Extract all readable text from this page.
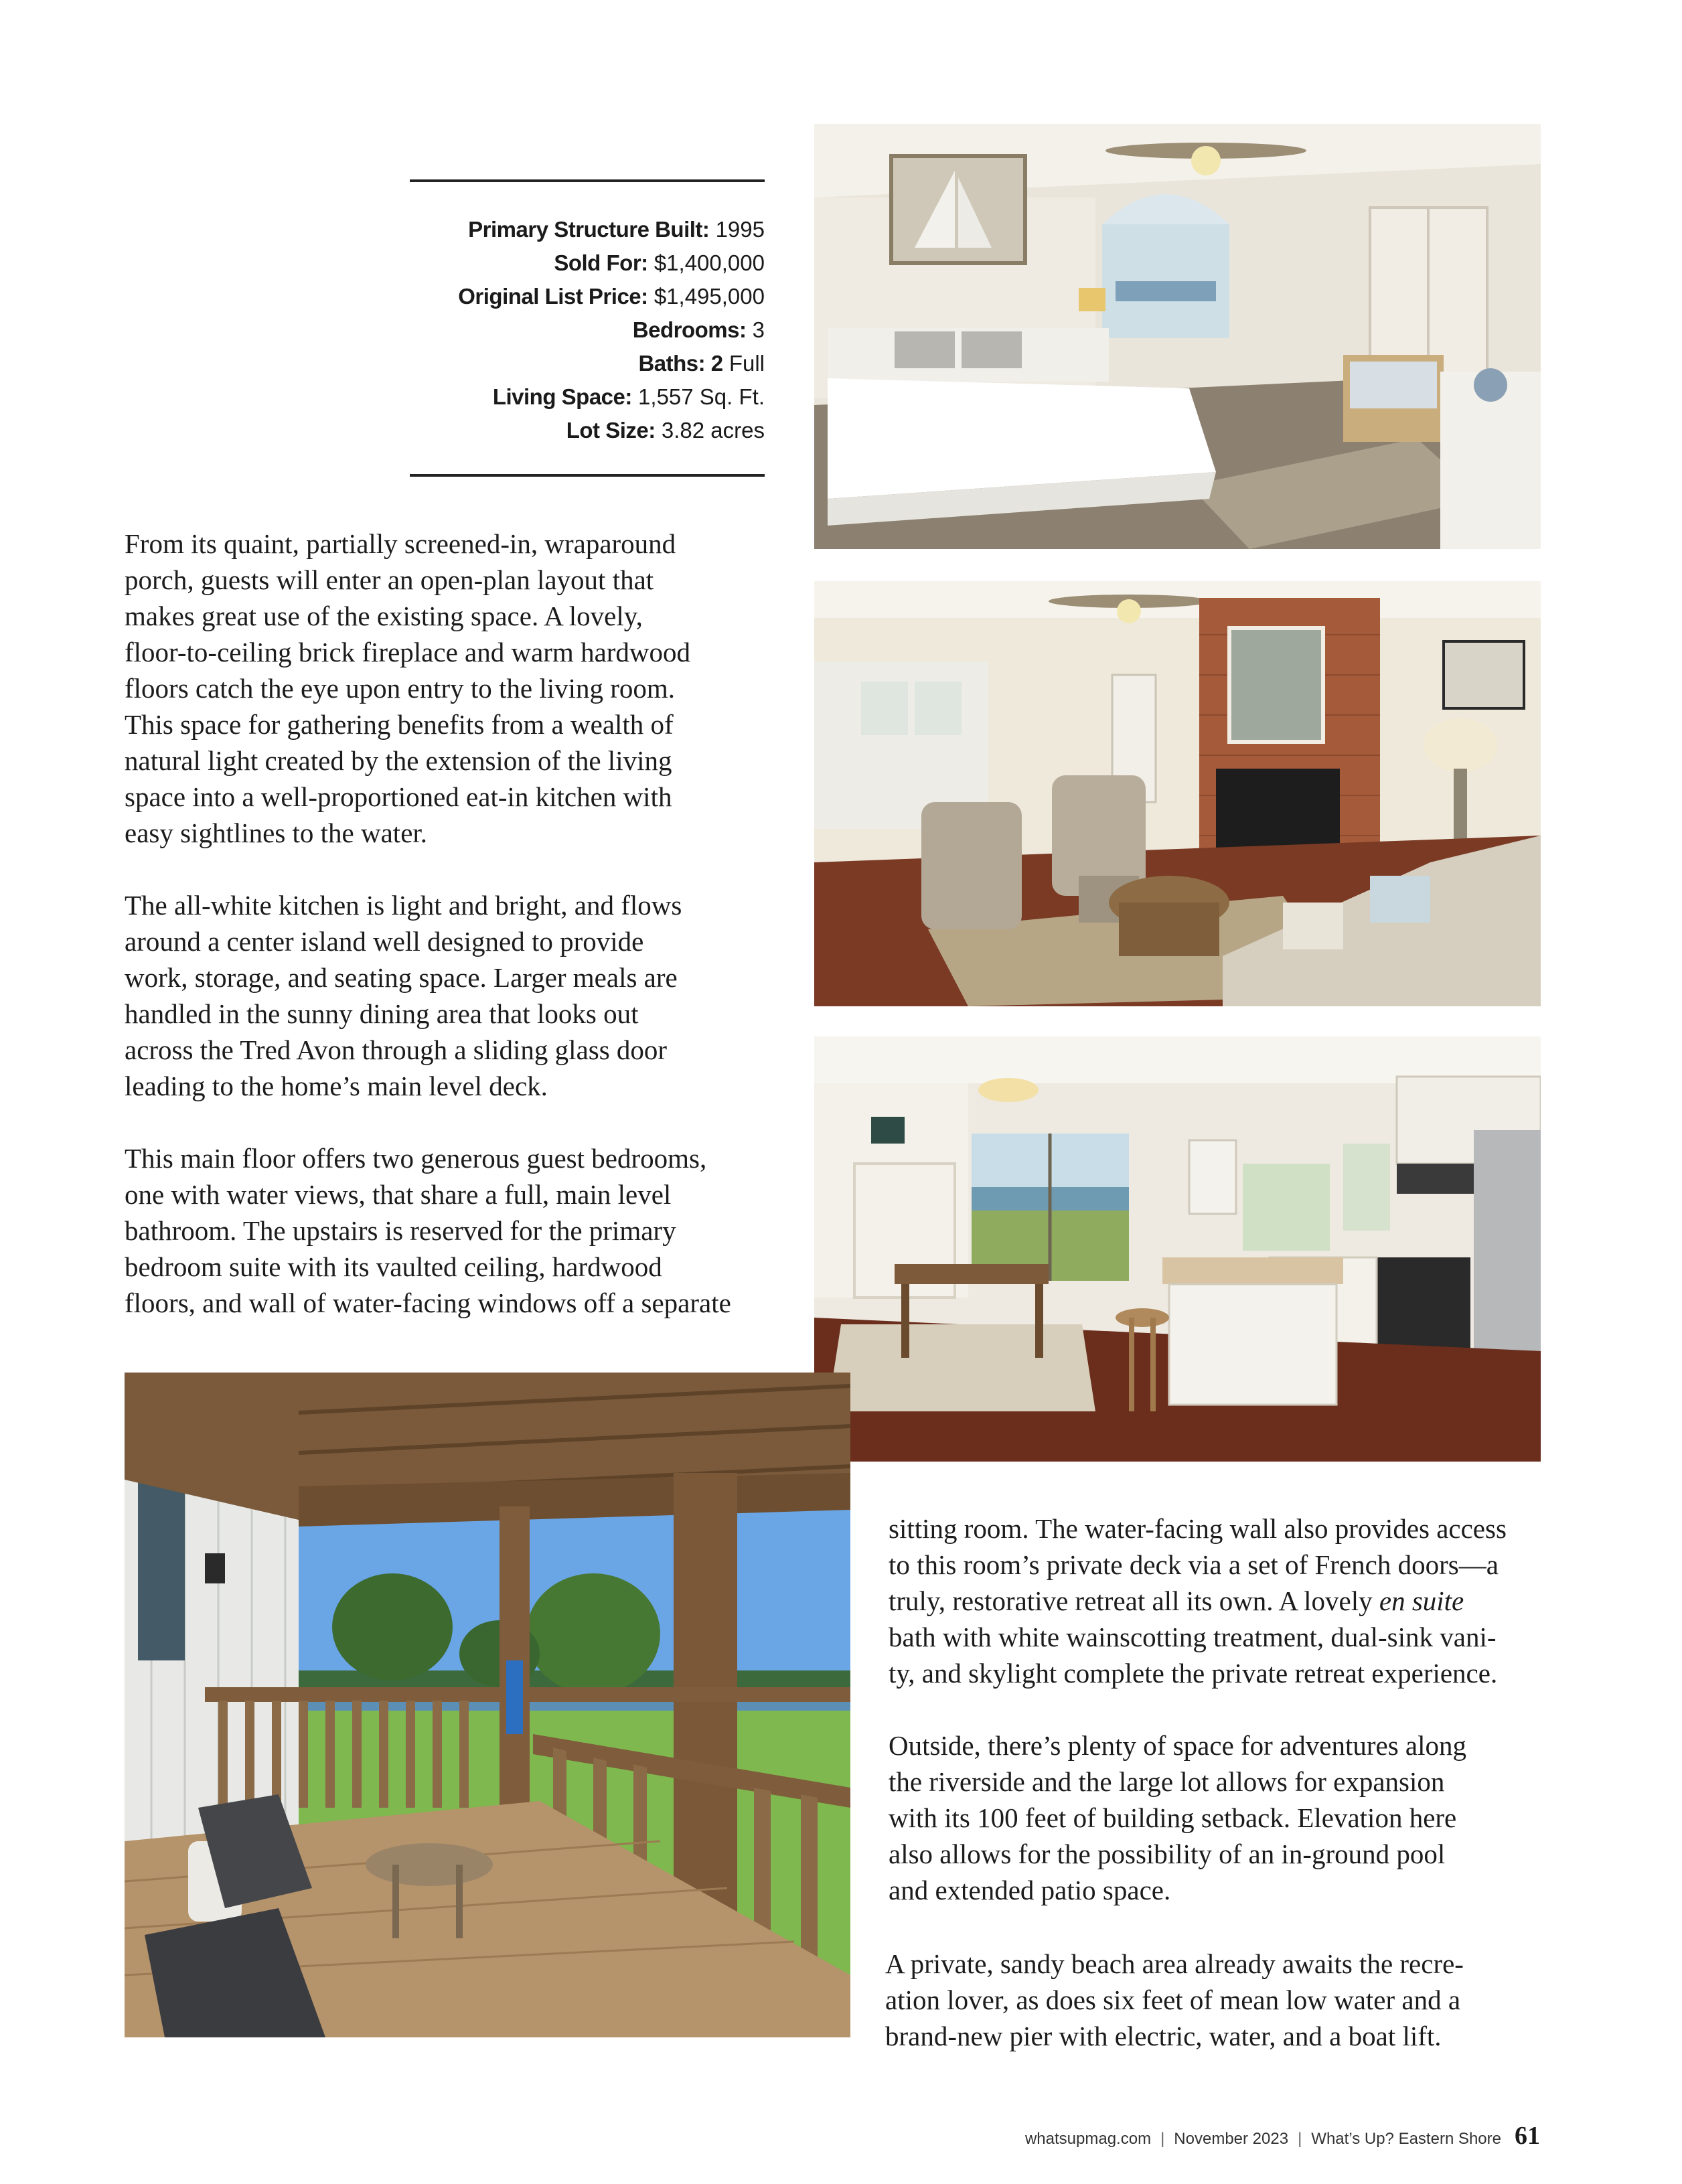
Primary Structure Built: 1995
Sold For: $1,400,000
Original List Price: $1,495,000
Bedrooms: 3
Baths: 2 Full
Living Space: 1,557 Sq. Ft.
Lot Size: 3.82 acres
From its quaint, partially screened-in, wraparound
porch, guests will enter an open-plan layout that
makes great use of the existing space. A lovely,
floor-to-ceiling brick fireplace and warm hardwood
floors catch the eye upon entry to the living room.
This space for gathering benefits from a wealth of
natural light created by the extension of the living
space into a well-proportioned eat-in kitchen with
easy sightlines to the water.
The all-white kitchen is light and bright, and flows
around a center island well designed to provide
work, storage, and seating space. Larger meals are
handled in the sunny dining area that looks out
across the Tred Avon through a sliding glass door
leading to the home’s main level deck.
This main floor offers two generous guest bedrooms,
one with water views, that share a full, main level
bathroom. The upstairs is reserved for the primary
bedroom suite with its vaulted ceiling, hardwood
floors, and wall of water-facing windows off a separate
sitting room. The water-facing wall also provides access
to this room’s private deck via a set of French doors—a
truly, restorative retreat all its own. A lovely en suite
bath with white wainscotting treatment, dual-sink vani-
ty, and skylight complete the private retreat experience.
Outside, there’s plenty of space for adventures along
the riverside and the large lot allows for expansion
with its 100 feet of building setback. Elevation here
also allows for the possibility of an in-ground pool
and extended patio space.
A private, sandy beach area already awaits the recre-
ation lover, as does six feet of mean low water and a
brand-new pier with electric, water, and a boat lift.
whatsupmag.com | November 2023 | What’s Up? Eastern Shore 61
